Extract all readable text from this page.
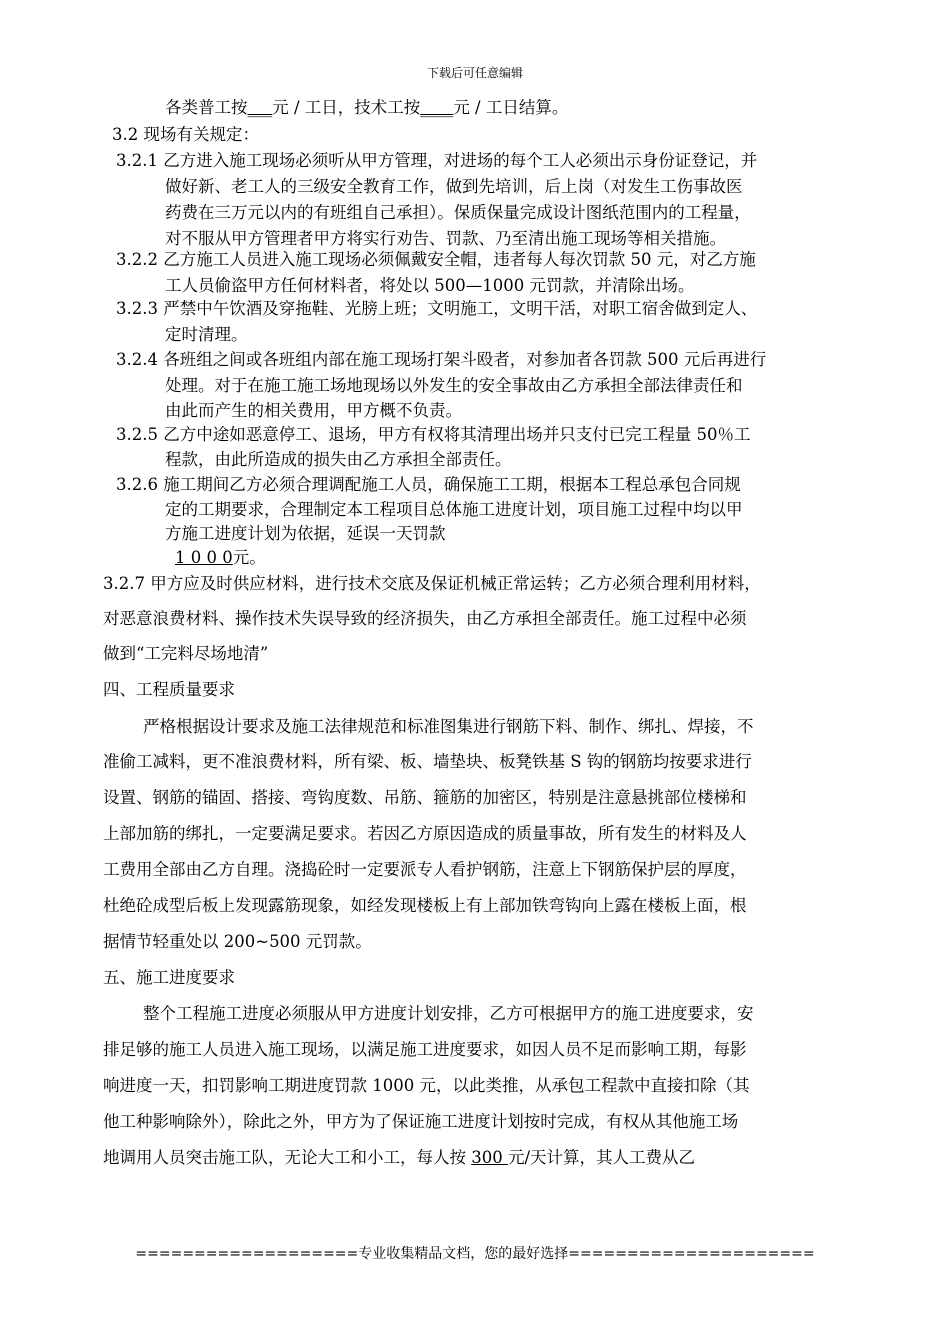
下载后可任意编辑
各类普工按___元 / 工日，技术工按____元 / 工日结算。
3.2 现场有关规定：
3.2.1 乙方进入施工现场必须听从甲方管理，对进场的每个工人必须出示身份证登记，并
做好新、老工人的三级安全教育工作，做到先培训，后上岗（对发生工伤事故医
药费在三万元以内的有班组自己承担）。保质保量完成设计图纸范围内的工程量，
对不服从甲方管理者甲方将实行劝告、罚款、乃至清出施工现场等相关措施。
3.2.2 乙方施工人员进入施工现场必须佩戴安全帽，违者每人每次罚款 50 元，对乙方施
工人员偷盗甲方任何材料者，将处以 500—1000 元罚款，并清除出场。
3.2.3 严禁中午饮酒及穿拖鞋、光膀上班；文明施工，文明干活，对职工宿舍做到定人、
定时清理。
3.2.4 各班组之间或各班组内部在施工现场打架斗殴者，对参加者各罚款 500 元后再进行
处理。对于在施工施工场地现场以外发生的安全事故由乙方承担全部法律责任和
由此而产生的相关费用，甲方概不负责。
3.2.5 乙方中途如恶意停工、退场，甲方有权将其清理出场并只支付已完工程量 50％工
程款，由此所造成的损失由乙方承担全部责任。
3.2.6 施工期间乙方必须合理调配施工人员，确保施工工期，根据本工程总承包合同规
定的工期要求，合理制定本工程项目总体施工进度计划，项目施工过程中均以甲
方施工进度计划为依据，延误一天罚款
1 0 0 0元。
3.2.7 甲方应及时供应材料，进行技术交底及保证机械正常运转；乙方必须合理利用材料，
对恶意浪费材料、操作技术失误导致的经济损失，由乙方承担全部责任。施工过程中必须
做到“工完料尽场地清”
四、工程质量要求
严格根据设计要求及施工法律规范和标准图集进行钢筋下料、制作、绑扎、焊接，不
准偷工减料，更不准浪费材料，所有梁、板、墙垫块、板凳铁基 S 钩的钢筋均按要求进行
设置、钢筋的锚固、搭接、弯钩度数、吊筋、箍筋的加密区，特别是注意悬挑部位楼梯和
上部加筋的绑扎，一定要满足要求。若因乙方原因造成的质量事故，所有发生的材料及人
工费用全部由乙方自理。浇捣砼时一定要派专人看护钢筋，注意上下钢筋保护层的厚度，
杜绝砼成型后板上发现露筋现象，如经发现楼板上有上部加铁弯钩向上露在楼板上面，根
据情节轻重处以 200~500 元罚款。
五、施工进度要求
整个工程施工进度必须服从甲方进度计划安排，乙方可根据甲方的施工进度要求，安
排足够的施工人员进入施工现场，以满足施工进度要求，如因人员不足而影响工期，每影
响进度一天，扣罚影响工期进度罚款 1000 元，以此类推，从承包工程款中直接扣除（其
他工种影响除外），除此之外，甲方为了保证施工进度计划按时完成，有权从其他施工场
地调用人员突击施工队，无论大工和小工，每人按 300 元/天计算，其人工费从乙
===================专业收集精品文档，您的最好选择=====================
